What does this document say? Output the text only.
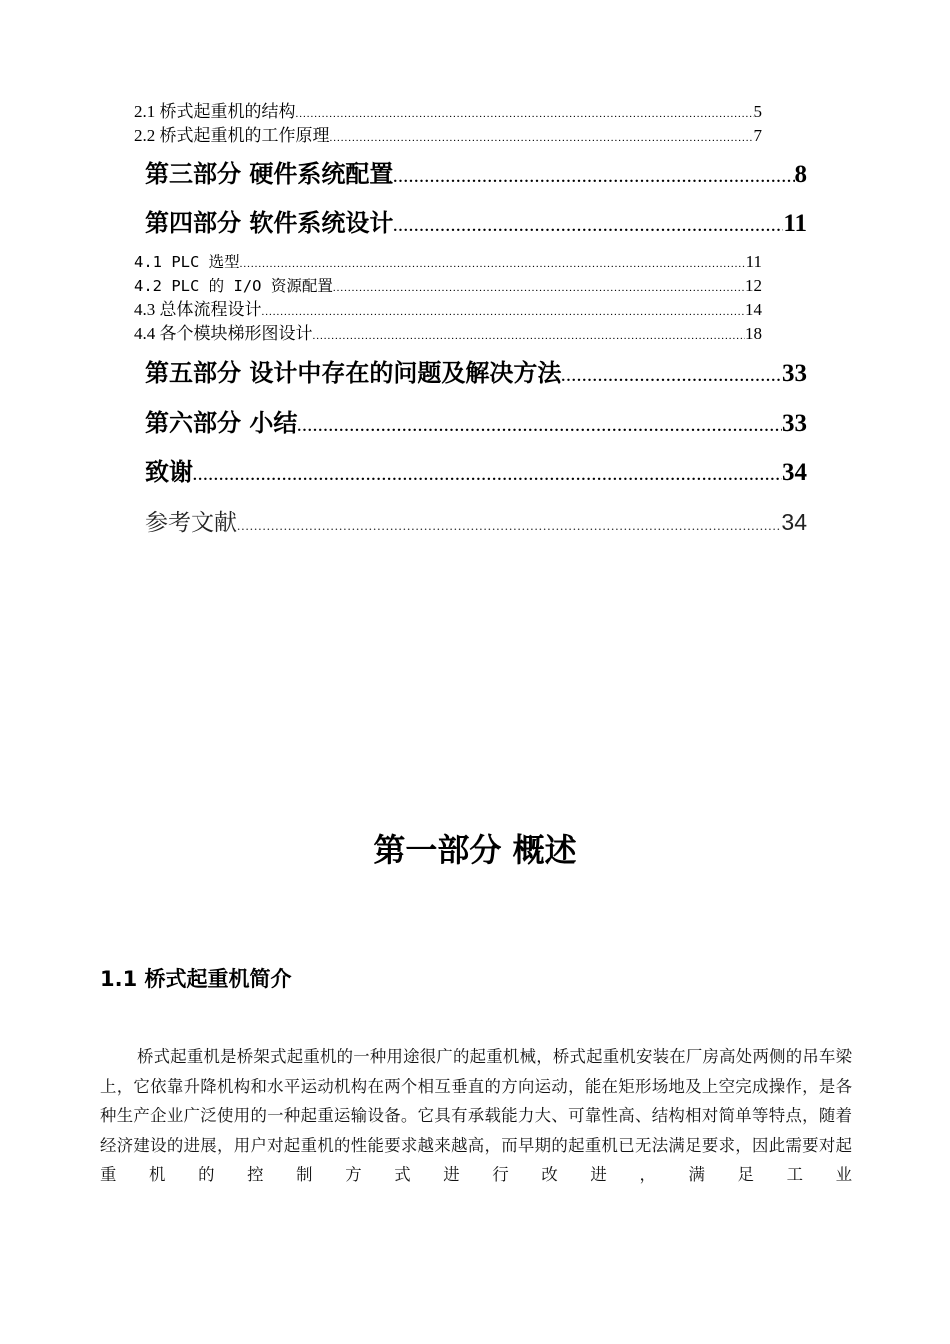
2.1 桥式起重机的结构 .....	5
2.2 桥式起重机的工作原理 .....	7
第三部分 硬件系统配置 .....	8
第四部分 软件系统设计 .....	11
4.1 PLC 选型 .....	11
4.2 PLC 的 I/O 资源配置 .....	12
4.3 总体流程设计 .....	14
4.4 各个模块梯形图设计 .....	18
第五部分 设计中存在的问题及解决方法 .....	33
第六部分 小结 .....	33
致谢 .....	34
参考文献 .....	34
第一部分 概述
1.1 桥式起重机简介

桥式起重机是桥架式起重机的一种用途很广的起重机械，桥式起重机安装在厂房高处两侧的吊车梁上，它依靠升降机构和水平运动机构在两个相互垂直的方向运动，能在矩形场地及上空完成操作，是各种生产企业广泛使用的一种起重运输设备。它具有承载能力大、可靠性高、结构相对简单等特点，随着经济建设的进展，用户对起重机的性能要求越来越高，而早期的起重机已无法满足要求，因此需要对起重机的控制方式进行改进，满足工业
